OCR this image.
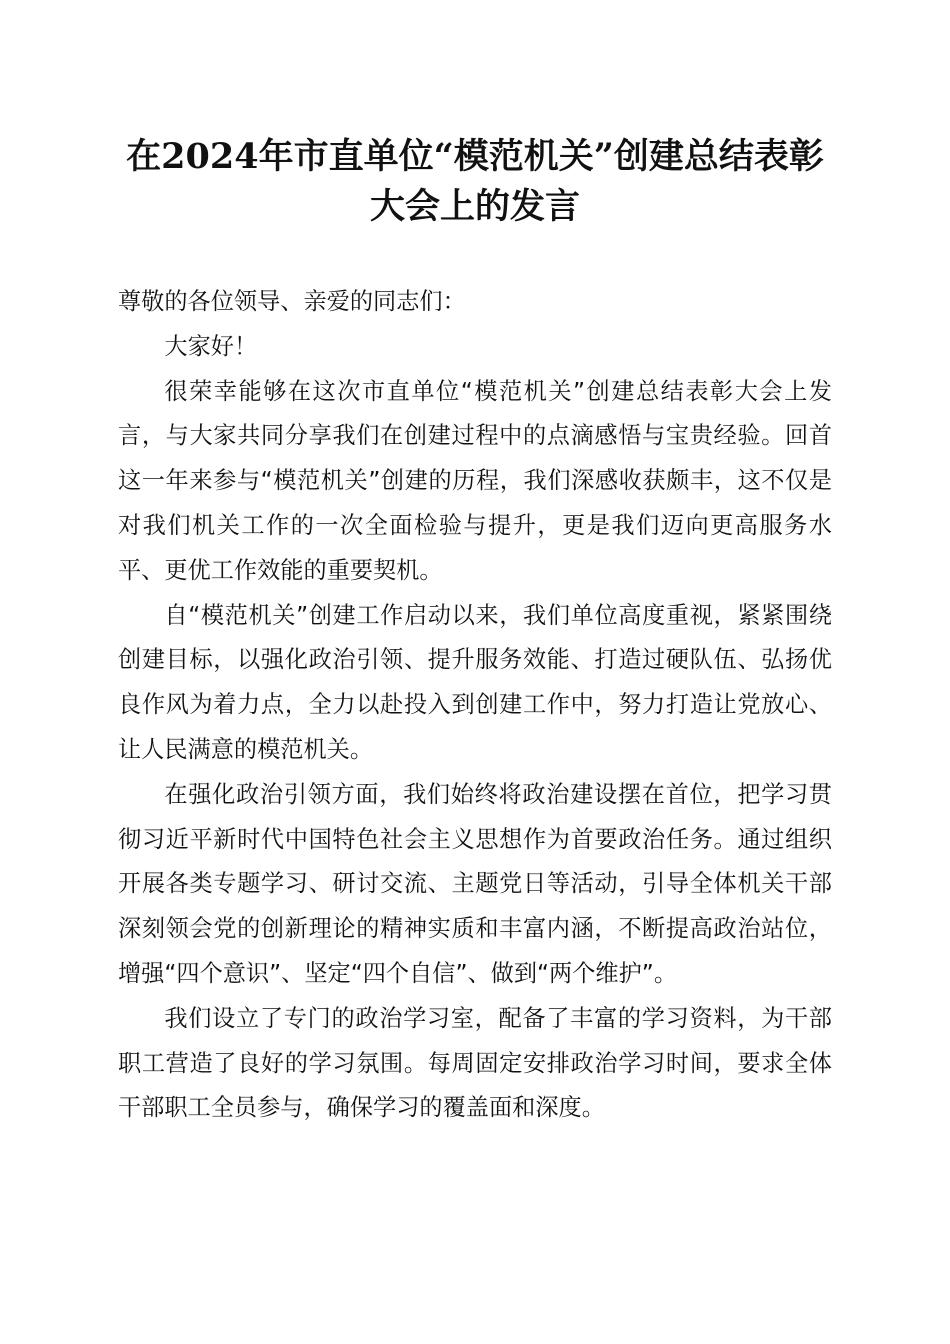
在2024年市直单位“模范机关”创建总结表彰大会上的发言

尊敬的各位领导、亲爱的同志们：

大家好！

很荣幸能够在这次市直单位“模范机关”创建总结表彰大会上发言，与大家共同分享我们在创建过程中的点滴感悟与宝贵经验。回首这一年来参与“模范机关”创建的历程，我们深感收获颇丰，这不仅是对我们机关工作的一次全面检验与提升，更是我们迈向更高服务水平、更优工作效能的重要契机。

自“模范机关”创建工作启动以来，我们单位高度重视，紧紧围绕创建目标，以强化政治引领、提升服务效能、打造过硬队伍、弘扬优良作风为着力点，全力以赴投入到创建工作中，努力打造让党放心、让人民满意的模范机关。

在强化政治引领方面，我们始终将政治建设摆在首位，把学习贯彻习近平新时代中国特色社会主义思想作为首要政治任务。通过组织开展各类专题学习、研讨交流、主题党日等活动，引导全体机关干部深刻领会党的创新理论的精神实质和丰富内涵，不断提高政治站位，增强“四个意识”、坚定“四个自信”、做到“两个维护”。

我们设立了专门的政治学习室，配备了丰富的学习资料，为干部职工营造了良好的学习氛围。每周固定安排政治学习时间，要求全体干部职工全员参与，确保学习的覆盖面和深度。
